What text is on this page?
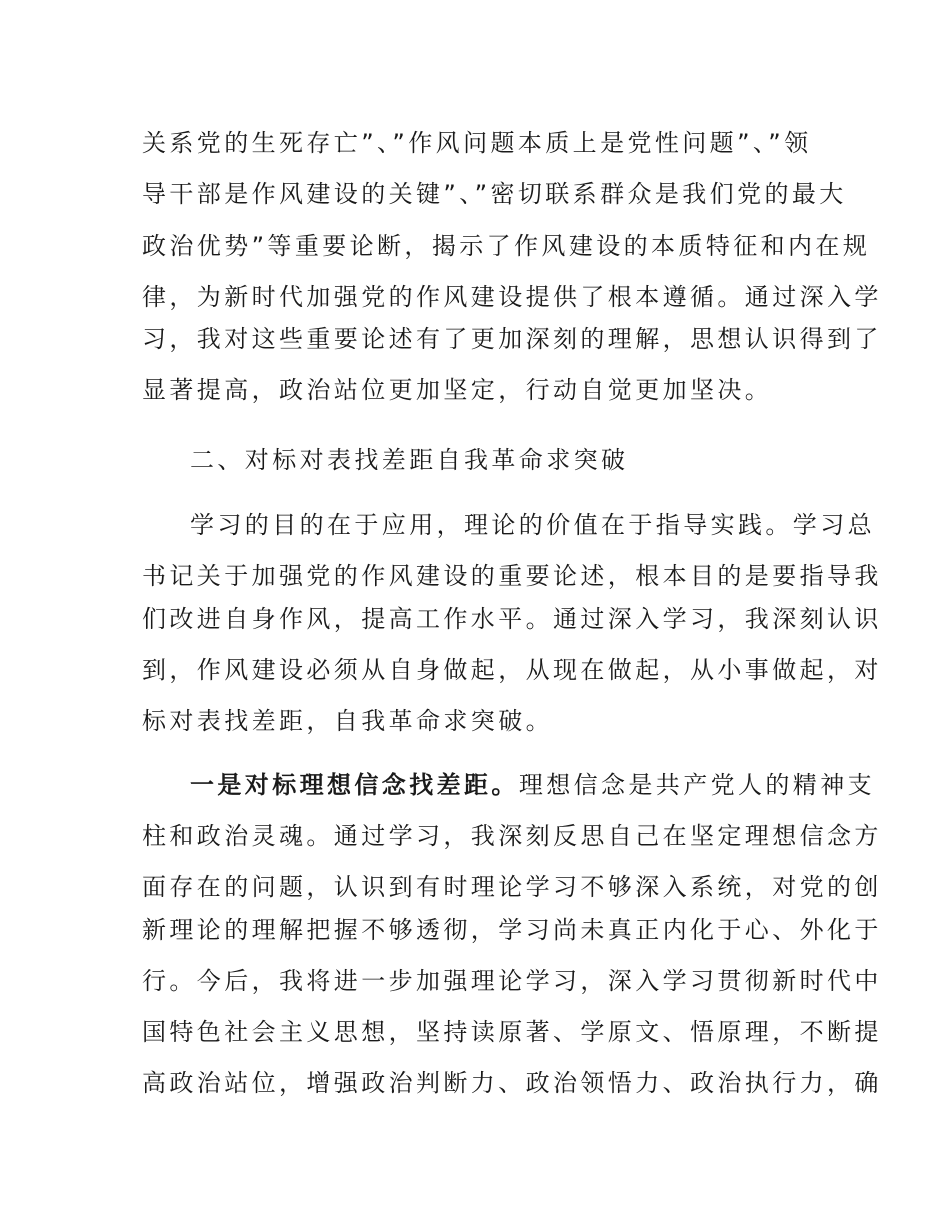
关系党的生死存亡”、”作风问题本质上是党性问题”、”领
导干部是作风建设的关键”、”密切联系群众是我们党的最大
政治优势”等重要论断，揭示了作风建设的本质特征和内在规
律，为新时代加强党的作风建设提供了根本遵循。通过深入学
习，我对这些重要论述有了更加深刻的理解，思想认识得到了
显著提高，政治站位更加坚定，行动自觉更加坚决。
二、对标对表找差距自我革命求突破
学习的目的在于应用，理论的价值在于指导实践。学习总
书记关于加强党的作风建设的重要论述，根本目的是要指导我
们改进自身作风，提高工作水平。通过深入学习，我深刻认识
到，作风建设必须从自身做起，从现在做起，从小事做起，对
标对表找差距，自我革命求突破。
一是对标理想信念找差距。理想信念是共产党人的精神支
柱和政治灵魂。通过学习，我深刻反思自己在坚定理想信念方
面存在的问题，认识到有时理论学习不够深入系统，对党的创
新理论的理解把握不够透彻，学习尚未真正内化于心、外化于
行。今后，我将进一步加强理论学习，深入学习贯彻新时代中
国特色社会主义思想，坚持读原著、学原文、悟原理，不断提
高政治站位，增强政治判断力、政治领悟力、政治执行力，确
